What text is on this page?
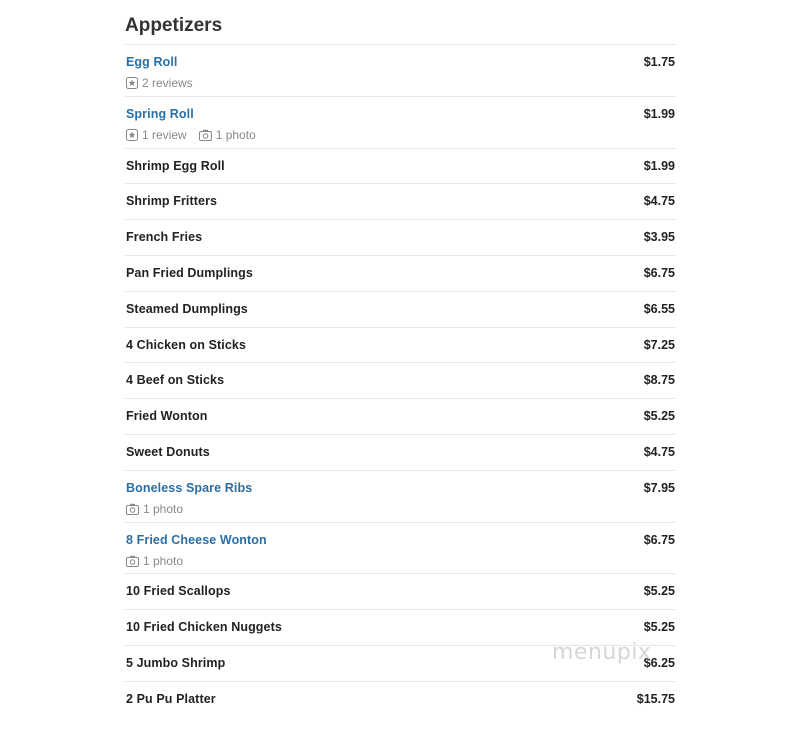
Appetizers
Egg Roll	$1.75
2 reviews
Spring Roll	$1.99
1 review 1 photo
Shrimp Egg Roll	$1.99
Shrimp Fritters	$4.75
French Fries	$3.95
Pan Fried Dumplings	$6.75
Steamed Dumplings	$6.55
4 Chicken on Sticks	$7.25
4 Beef on Sticks	$8.75
Fried Wonton	$5.25
Sweet Donuts	$4.75
Boneless Spare Ribs	$7.95
1 photo
8 Fried Cheese Wonton	$6.75
1 photo
10 Fried Scallops	$5.25
10 Fried Chicken Nuggets	$5.25
5 Jumbo Shrimp	$6.25
2 Pu Pu Platter	$15.75
menupix
